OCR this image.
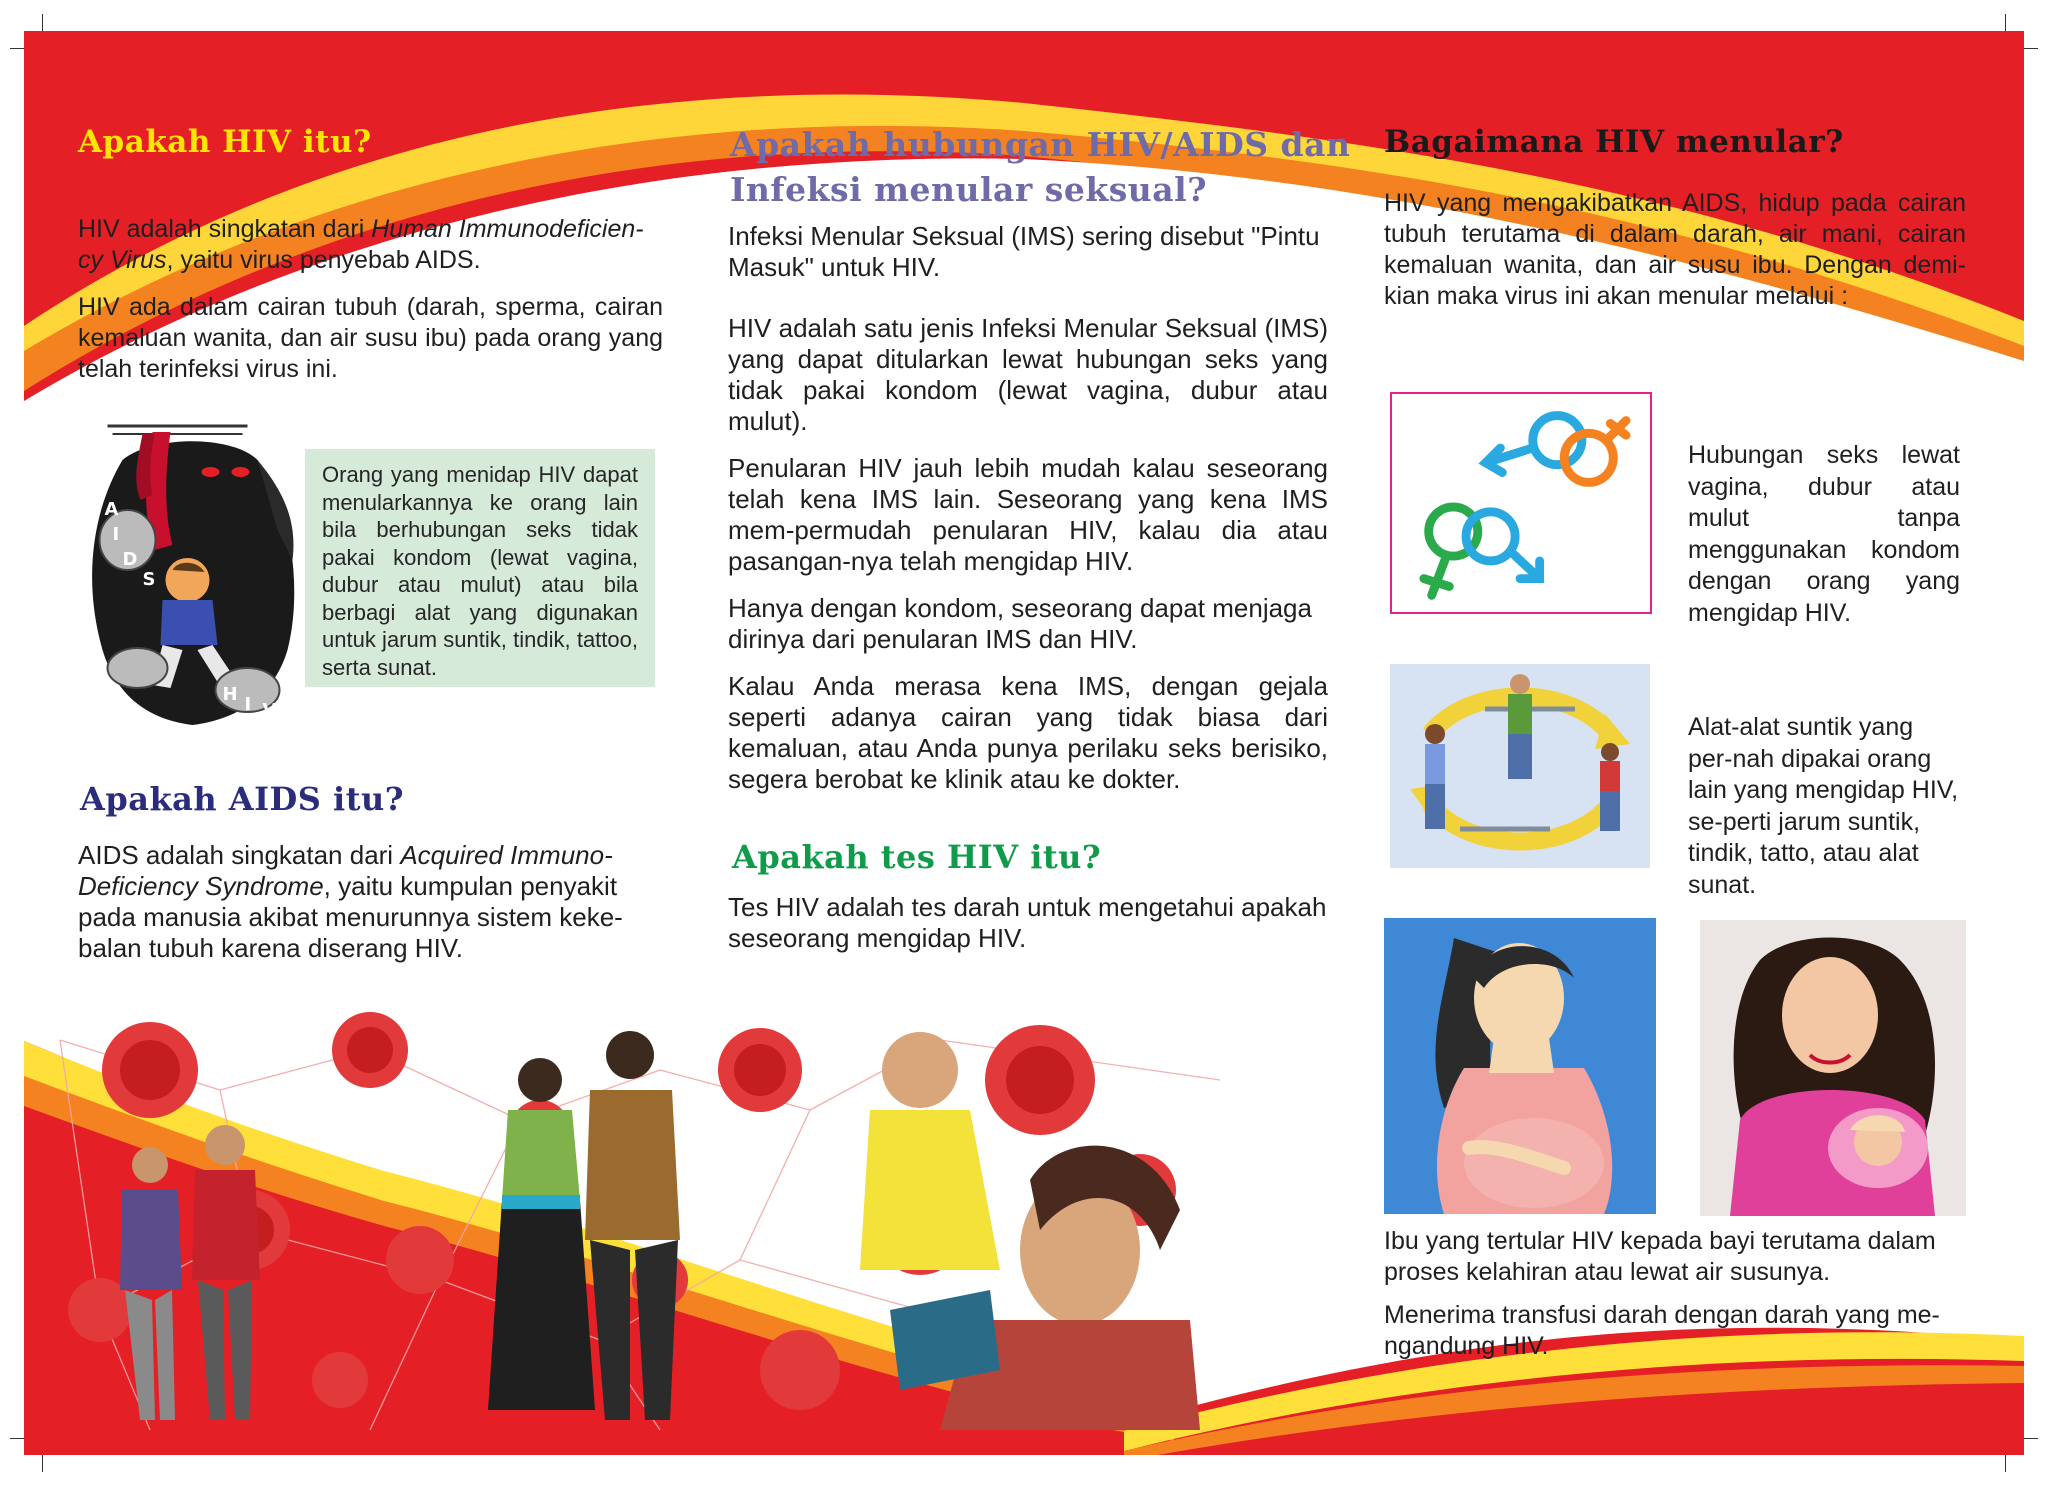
Apakah HIV itu?

HIV adalah singkatan dari Human Immunodeficien-cy Virus, yaitu virus penyebab AIDS.

HIV ada dalam cairan tubuh (darah, sperma, cairan kemaluan wanita, dan air susu ibu) pada orang yang telah terinfeksi virus ini.

A
I
D
S
H I V
Orang yang menidap HIV dapat menularkannya ke orang lain bila berhubungan seks tidak pakai kondom (lewat vagina, dubur atau mulut) atau bila berbagi alat yang digunakan untuk jarum suntik, tindik, tattoo, serta sunat.
Apakah AIDS itu?

AIDS adalah singkatan dari Acquired Immuno-Deficiency Syndrome, yaitu kumpulan penyakit pada manusia akibat menurunnya sistem keke-balan tubuh karena diserang HIV.

Apakah hubungan HIV/AIDS dan
Infeksi menular seksual?

Infeksi Menular Seksual (IMS) sering disebut "Pintu Masuk" untuk HIV.

HIV adalah satu jenis Infeksi Menular Seksual (IMS) yang dapat ditularkan lewat hubungan seks yang tidak pakai kondom (lewat vagina, dubur atau mulut).

Penularan HIV jauh lebih mudah kalau seseorang telah kena IMS lain. Seseorang yang kena IMS mem-permudah penularan HIV, kalau dia atau pasangan-nya telah mengidap HIV.

Hanya dengan kondom, seseorang dapat menjaga dirinya dari penularan IMS dan HIV.

Kalau Anda merasa kena IMS, dengan gejala seperti adanya cairan yang tidak biasa dari kemaluan, atau Anda punya perilaku seks berisiko, segera berobat ke klinik atau ke dokter.

Apakah tes HIV itu?

Tes HIV adalah tes darah untuk mengetahui apakah seseorang mengidap HIV.

Bagaimana HIV menular?

HIV yang mengakibatkan AIDS, hidup pada cairan tubuh terutama di dalam darah, air mani, cairan kemaluan wanita, dan air susu ibu. Dengan demi-kian maka virus ini akan menular melalui :

Hubungan seks lewat vagina, dubur atau mulut tanpa menggunakan kondom dengan orang yang mengidap HIV.
Alat-alat suntik yang per-nah dipakai orang lain yang mengidap HIV, se-perti jarum suntik, tindik, tatto, atau alat sunat.

Ibu yang tertular HIV kepada bayi terutama dalam proses kelahiran atau lewat air susunya.

Menerima transfusi darah dengan darah yang me-ngandung HIV.
